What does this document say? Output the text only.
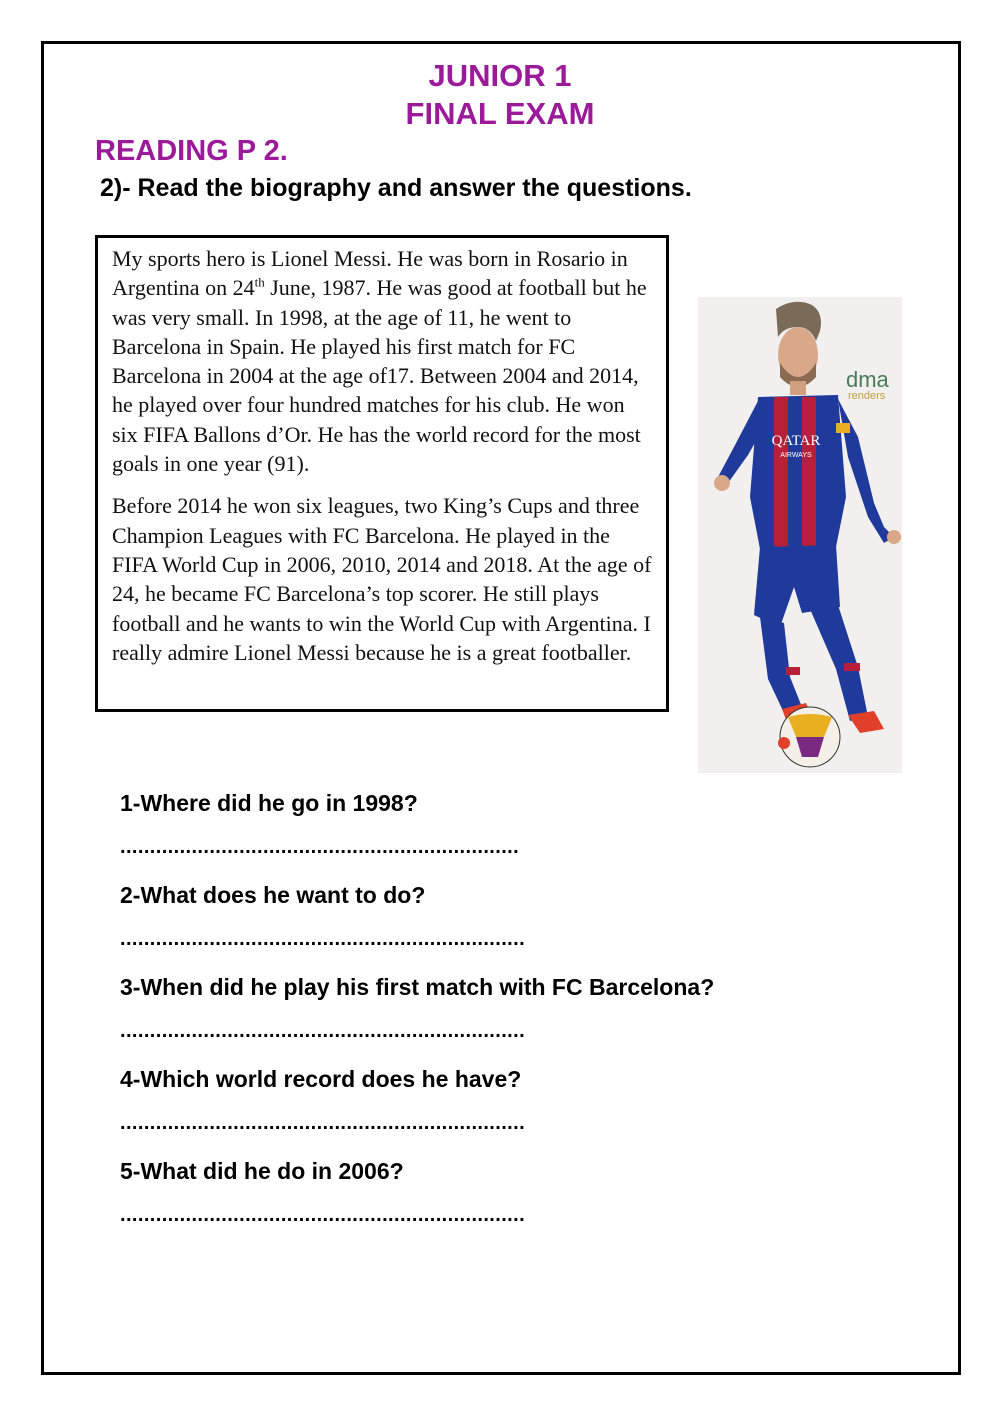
JUNIOR 1
FINAL EXAM
READING P 2.

2)- Read the biography and answer the questions.

My sports hero is Lionel Messi. He was born in Rosario in Argentina on 24th June, 1987. He was good at football but he was very small. In 1998, at the age of 11, he went to Barcelona in Spain. He played his first match for FC Barcelona in 2004 at the age of17. Between 2004 and 2014, he played over four hundred matches for his club. He won six FIFA Ballons d’Or. He has the world record for the most goals in one year (91).

Before 2014 he won six leagues, two King’s Cups and three Champion Leagues with FC Barcelona. He played in the FIFA World Cup in 2006, 2010, 2014 and 2018. At the age of 24, he became FC Barcelona’s top scorer. He still plays football and he wants to win the World Cup with Argentina. I really admire Lionel Messi because he is a great footballer.

QATAR
AIRWAYS
dma
renders

1-Where did he go in 1998?

...................................................................

2-What does he want to do?

....................................................................

3-When did he play his first match with FC Barcelona?

....................................................................

4-Which world record does he have?

....................................................................

5-What did he do in 2006?

....................................................................
